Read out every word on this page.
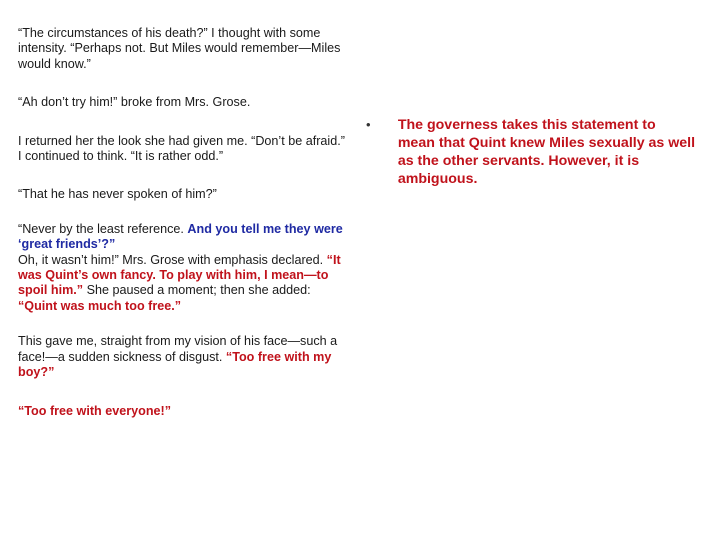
“The circumstances of his death?” I thought with some intensity. “Perhaps not. But Miles would remember—Miles would know.”

“Ah don’t try him!” broke from Mrs. Grose.

I returned her the look she had given me. “Don’t be afraid.” I continued to think. “It is rather odd.”

“That he has never spoken of him?”

“Never by the least reference. And you tell me they were ‘great friends’?”
Oh, it wasn’t him!” Mrs. Grose with emphasis declared. “It was Quint’s own fancy. To play with him, I mean—to spoil him.” She paused a moment; then she added: “Quint was much too free.”

This gave me, straight from my vision of his face—such a face!—a sudden sickness of disgust. “Too free with my boy?”

“Too free with everyone!”

•	The governess takes this statement to mean that Quint knew Miles sexually as well as the other servants. However, it is ambiguous.
